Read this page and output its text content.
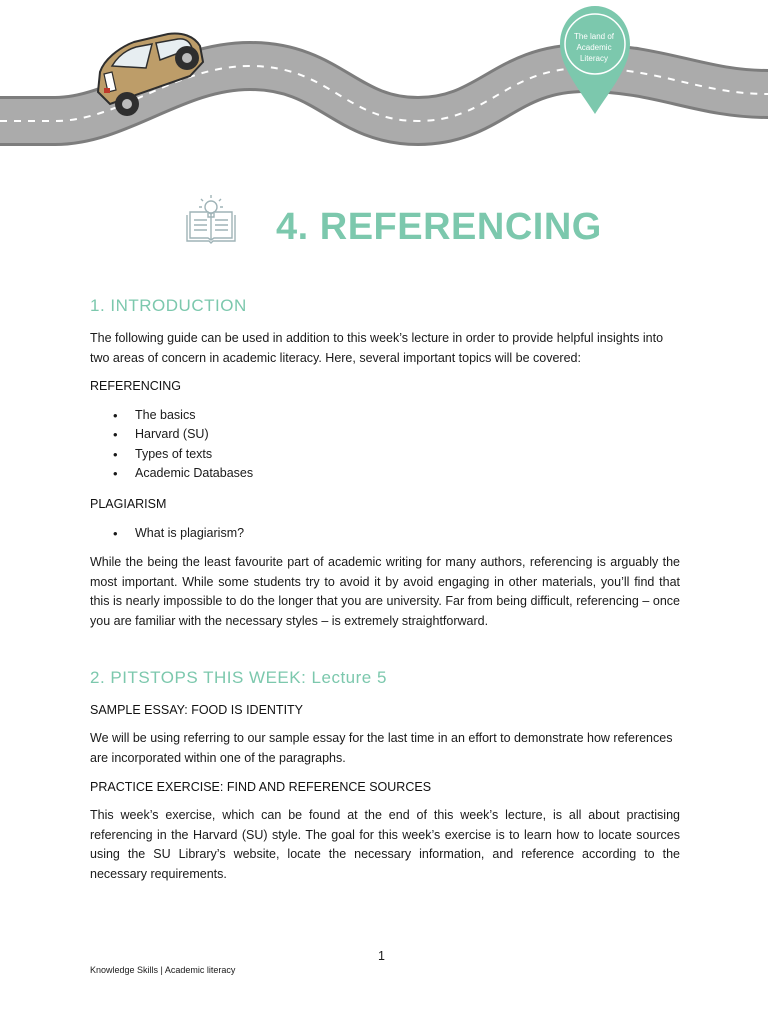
The land of
Academic
Literacy
4. REFERENCING
1. INTRODUCTION

The following guide can be used in addition to this week’s lecture in order to provide helpful insights into two areas of concern in academic literacy. Here, several important topics will be covered:

REFERENCING

• The basics
• Harvard (SU)
• Types of texts
• Academic Databases

PLAGIARISM

• What is plagiarism?

While the being the least favourite part of academic writing for many authors, referencing is arguably the most important. While some students try to avoid it by avoid engaging in other materials, you’ll find that this is nearly impossible to do the longer that you are university. Far from being difficult, referencing – once you are familiar with the necessary styles – is extremely straightforward.

2. PITSTOPS THIS WEEK: Lecture 5

SAMPLE ESSAY: FOOD IS IDENTITY

We will be using referring to our sample essay for the last time in an effort to demonstrate how references are incorporated within one of the paragraphs.

PRACTICE EXERCISE: FIND AND REFERENCE SOURCES

This week’s exercise, which can be found at the end of this week’s lecture, is all about practising referencing in the Harvard (SU) style. The goal for this week’s exercise is to learn how to locate sources using the SU Library’s website, locate the necessary information, and reference according to the necessary requirements.

1
Knowledge Skills | Academic literacy
